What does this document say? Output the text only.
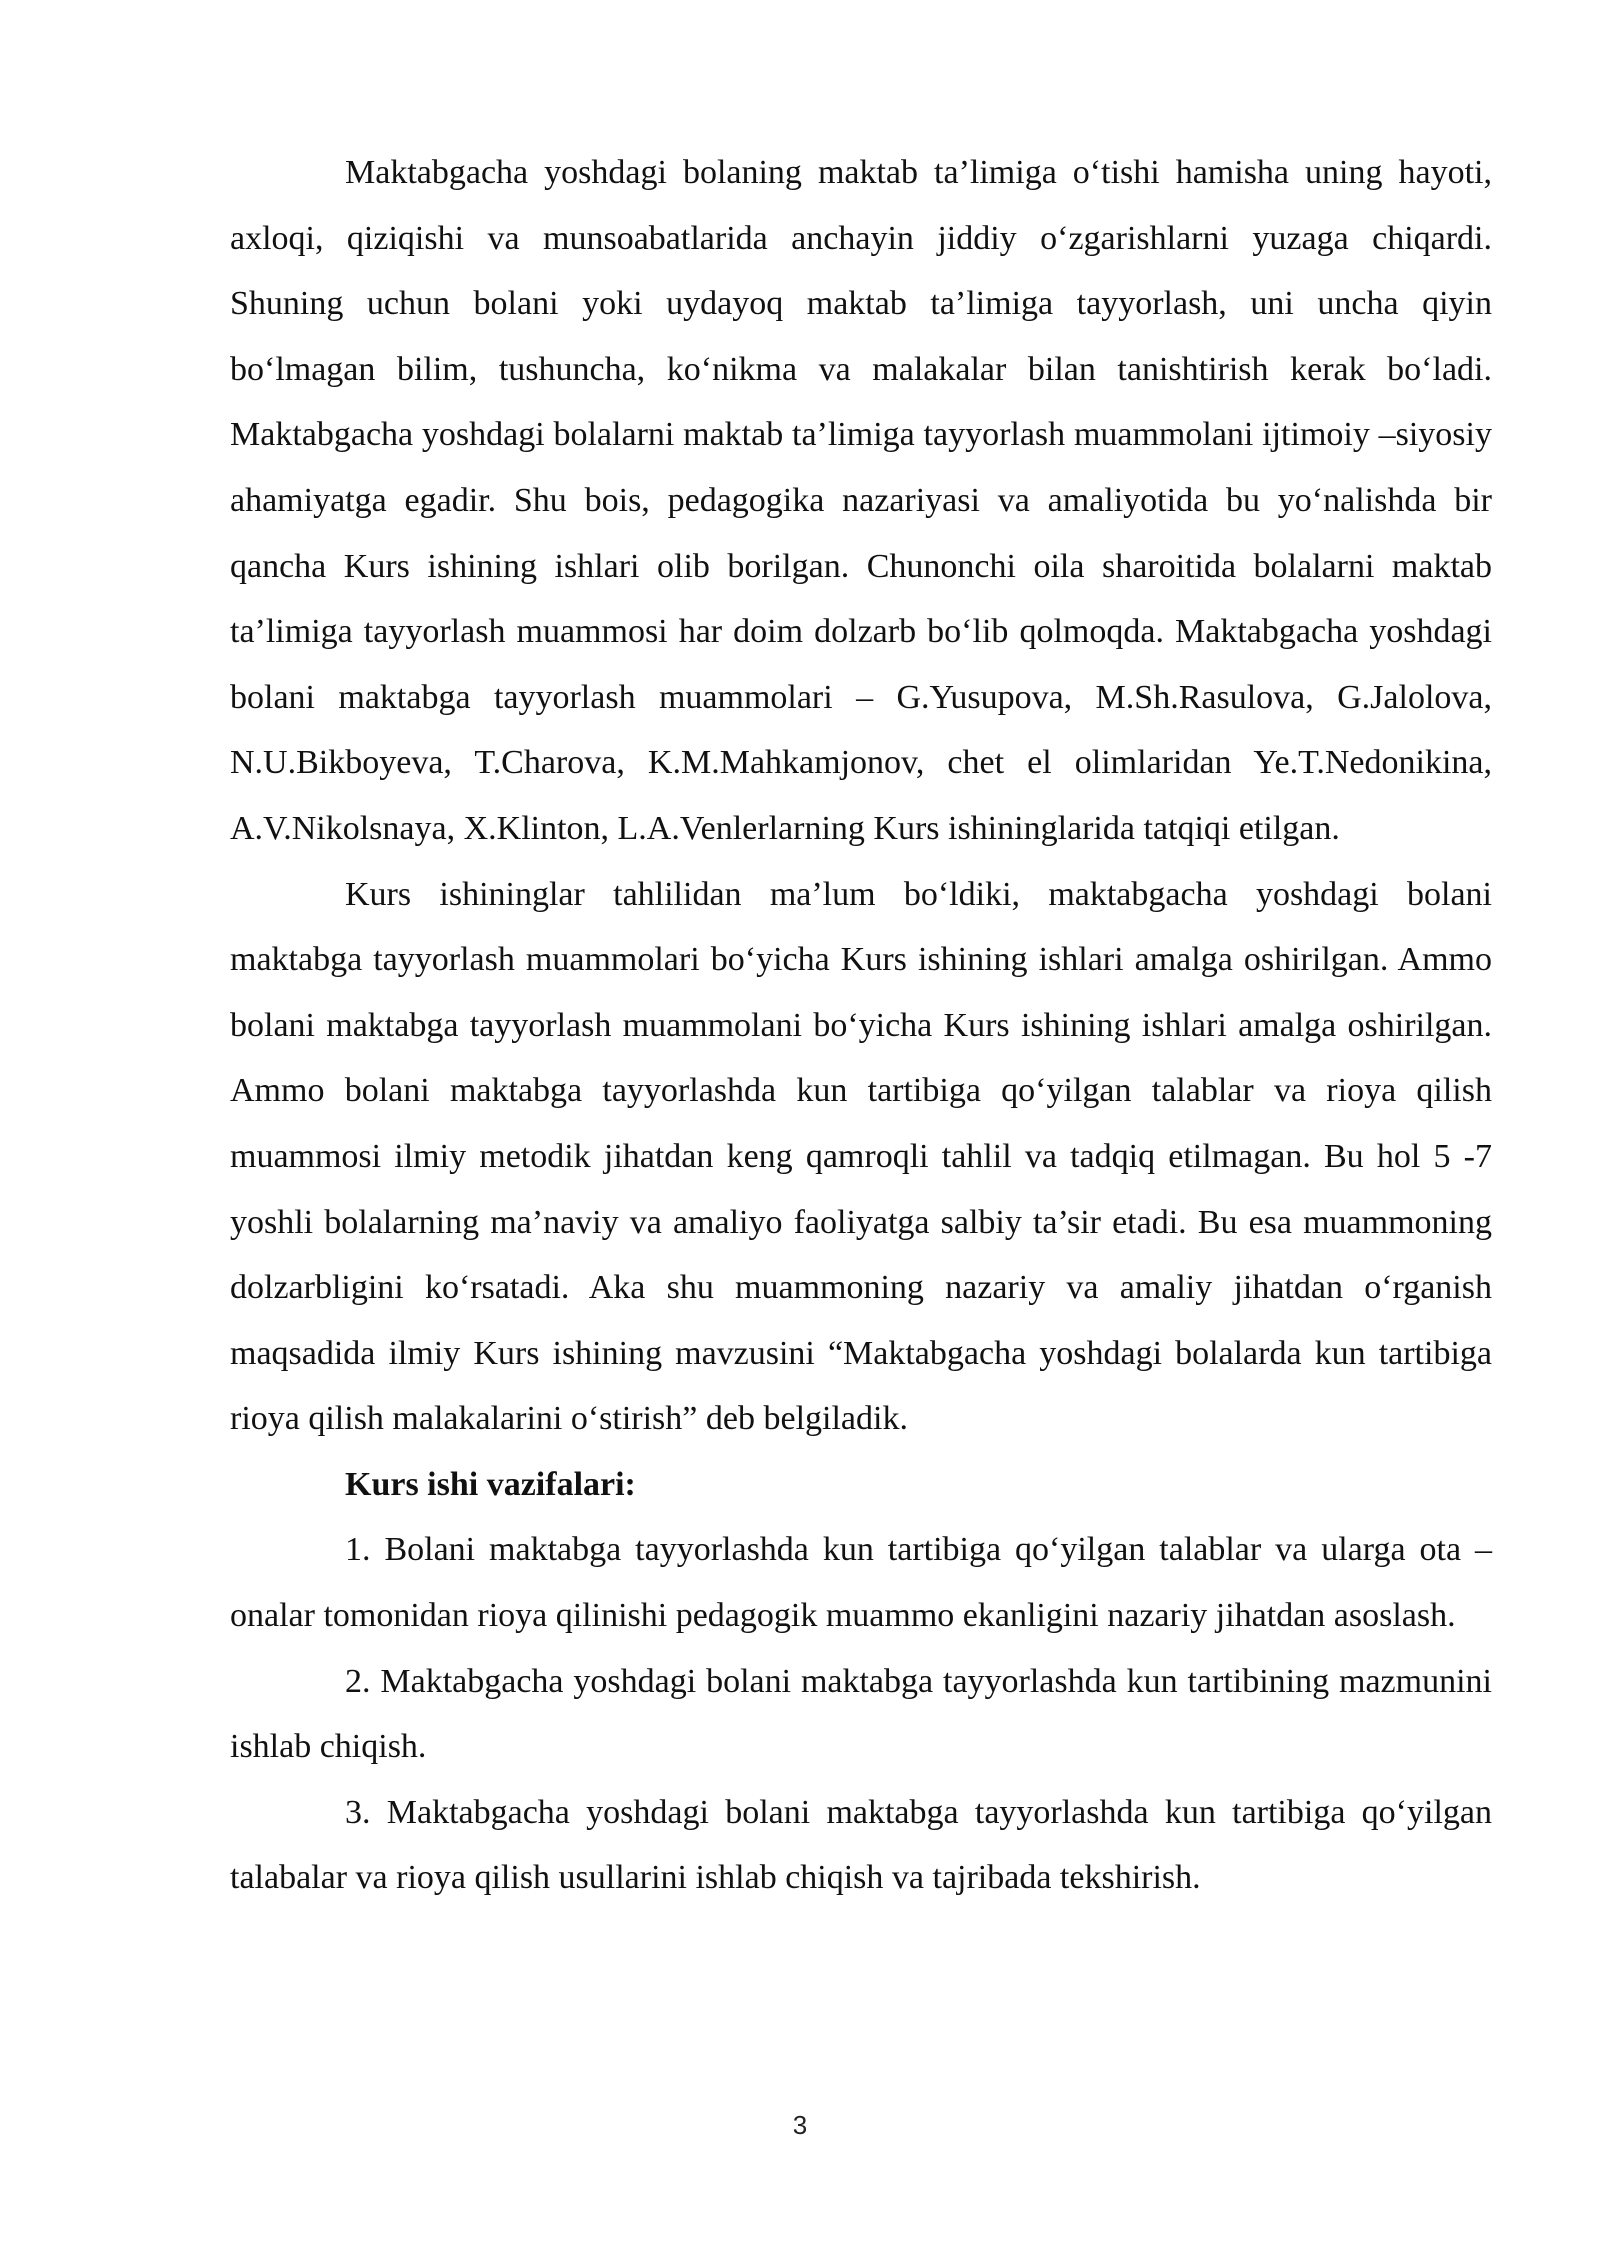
Maktabgacha yoshdagi bolaning maktab ta’limiga o‘tishi hamisha uning hayoti, axloqi, qiziqishi va munsoabatlarida anchayin jiddiy o‘zgarishlarni yuzaga chiqardi. Shuning uchun bolani yoki uydayoq maktab ta’limiga tayyorlash, uni uncha qiyin bo‘lmagan bilim, tushuncha, ko‘nikma va malakalar bilan tanishtirish kerak bo‘ladi. Maktabgacha yoshdagi bolalarni maktab ta’limiga tayyorlash muammolani ijtimoiy –siyosiy ahamiyatga egadir. Shu bois, pedagogika nazariyasi va amaliyotida bu yo‘nalishda bir qancha Kurs ishining ishlari olib borilgan. Chunonchi oila sharoitida bolalarni maktab ta’limiga tayyorlash muammosi har doim dolzarb bo‘lib qolmoqda. Maktabgacha yoshdagi bolani maktabga tayyorlash muammolari – G.Yusupova, M.Sh.Rasulova, G.Jalolova, N.U.Bikboyeva, T.Charova, K.M.Mahkamjonov, chet el olimlaridan Ye.T.Nedonikina, A.V.Nikolsnaya, X.Klinton, L.A.Venlerlarning Kurs ishininglarida tatqiqi etilgan.

Kurs ishininglar tahlilidan ma’lum bo‘ldiki, maktabgacha yoshdagi bolani maktabga tayyorlash muammolari bo‘yicha Kurs ishining ishlari amalga oshirilgan. Ammo bolani maktabga tayyorlash muammolani bo‘yicha Kurs ishining ishlari amalga oshirilgan. Ammo bolani maktabga tayyorlashda kun tartibiga qo‘yilgan talablar va rioya qilish muammosi ilmiy metodik jihatdan keng qamroqli tahlil va tadqiq etilmagan. Bu hol 5 -7 yoshli bolalarning ma’naviy va amaliyo faoliyatga salbiy ta’sir etadi. Bu esa muammoning dolzarbligini ko‘rsatadi. Aka shu muammoning nazariy va amaliy jihatdan o‘rganish maqsadida ilmiy Kurs ishining mavzusini “Maktabgacha yoshdagi bolalarda kun tartibiga rioya qilish malakalarini o‘stirish” deb belgiladik.

Kurs ishi vazifalari:

1. Bolani maktabga tayyorlashda kun tartibiga qo‘yilgan talablar va ularga ota –onalar tomonidan rioya qilinishi pedagogik muammo ekanligini nazariy jihatdan asoslash.

2. Maktabgacha yoshdagi bolani maktabga tayyorlashda kun tartibining mazmunini ishlab chiqish.

3. Maktabgacha yoshdagi bolani maktabga tayyorlashda kun tartibiga qo‘yilgan talabalar va rioya qilish usullarini ishlab chiqish va tajribada tekshirish.

3
